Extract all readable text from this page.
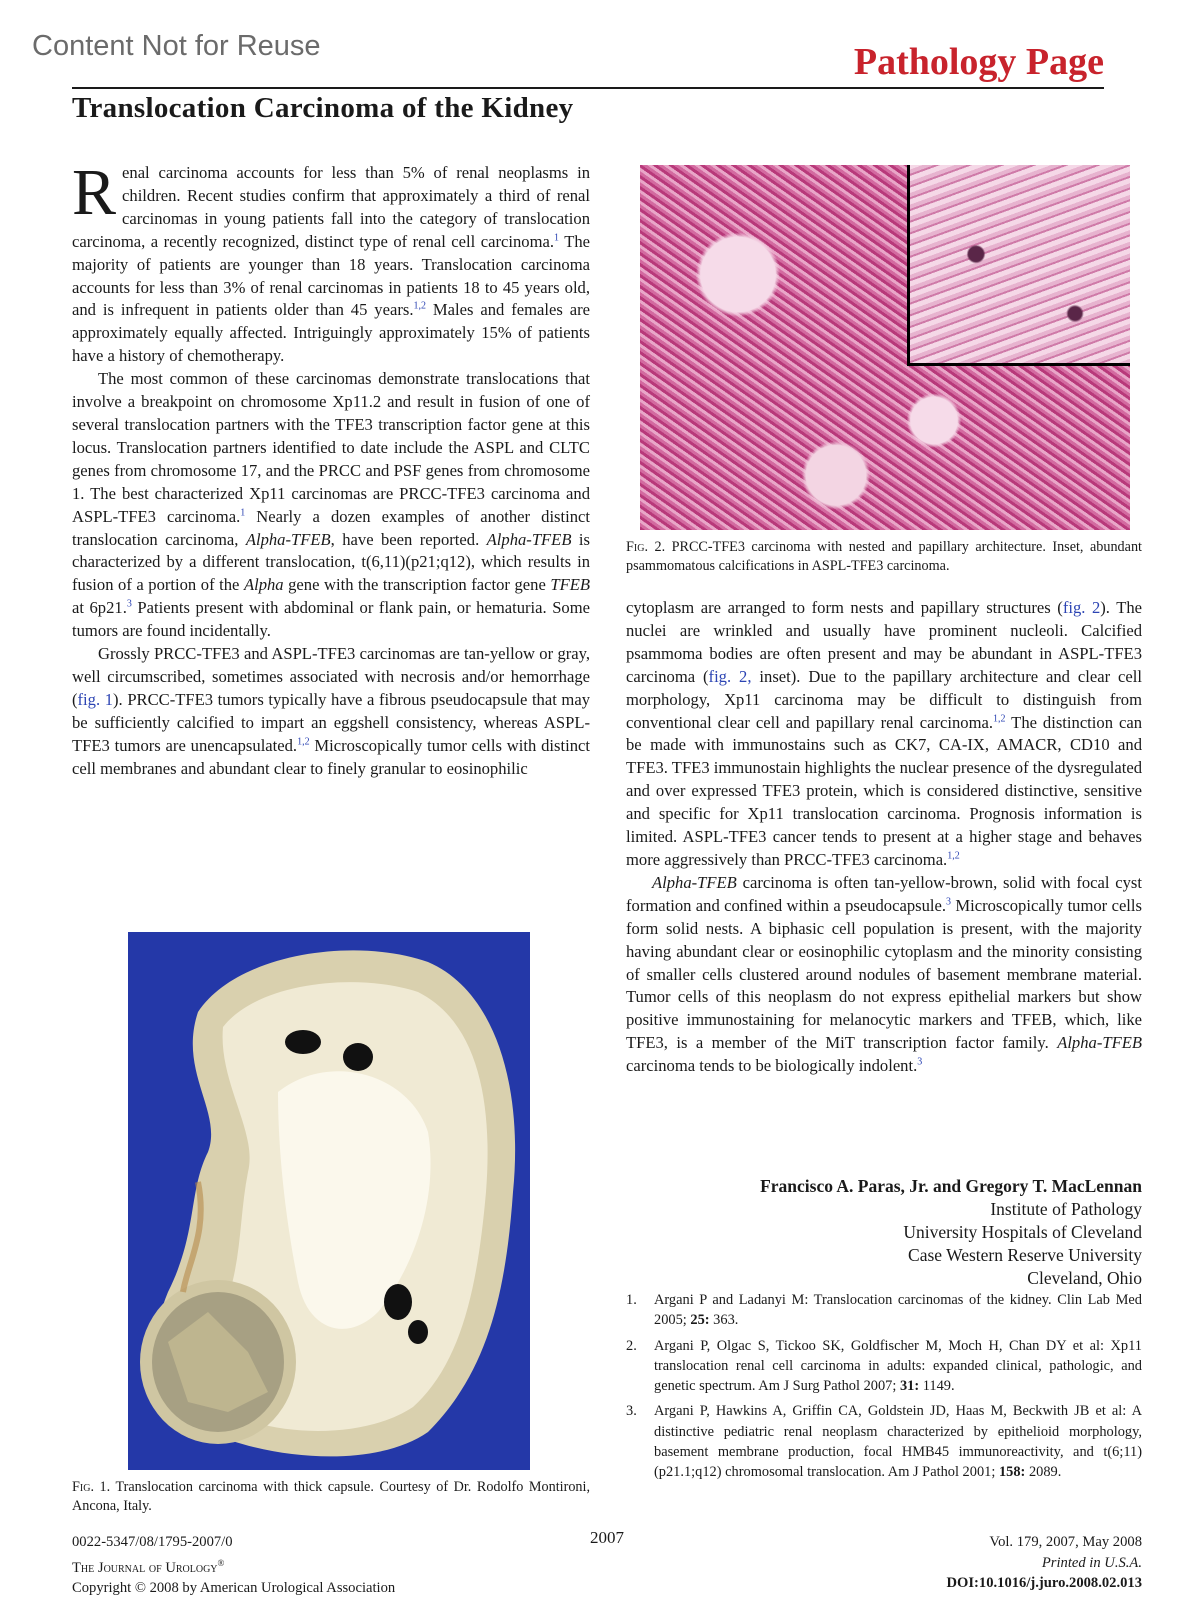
Content Not for Reuse	Pathology Page
Translocation Carcinoma of the Kidney

Renal carcinoma accounts for less than 5% of renal neoplasms in children. Recent studies confirm that approximately a third of renal carcinomas in young patients fall into the category of translocation carcinoma, a recently recognized, distinct type of renal cell carcinoma.$^1$ The majority of patients are younger than 18 years. Translocation carcinoma accounts for less than 3% of renal carcinomas in patients 18 to 45 years old, and is infrequent in patients older than 45 years.$^{1,2}$ Males and females are approximately equally affected. Intriguingly approximately 15% of patients have a history of chemotherapy.

The most common of these carcinomas demonstrate translocations that involve a breakpoint on chromosome Xp11.2 and result in fusion of one of several translocation partners with the TFE3 transcription factor gene at this locus. Translocation partners identified to date include the ASPL and CLTC genes from chromosome 17, and the PRCC and PSF genes from chromosome 1. The best characterized Xp11 carcinomas are PRCC-TFE3 carcinoma and ASPL-TFE3 carcinoma.$^1$ Nearly a dozen examples of another distinct translocation carcinoma, Alpha-TFEB, have been reported. Alpha-TFEB is characterized by a different translocation, t(6,11)(p21;q12), which results in fusion of a portion of the Alpha gene with the transcription factor gene TFEB at 6p21.$^3$ Patients present with abdominal or flank pain, or hematuria. Some tumors are found incidentally.

Grossly PRCC-TFE3 and ASPL-TFE3 carcinomas are tan-yellow or gray, well circumscribed, sometimes associated with necrosis and/or hemorrhage (fig. 1). PRCC-TFE3 tumors typically have a fibrous pseudocapsule that may be sufficiently calcified to impart an eggshell consistency, whereas ASPL-TFE3 tumors are unencapsulated.$^{1,2}$ Microscopically tumor cells with distinct cell membranes and abundant clear to finely granular to eosinophilic

Fig. 2. PRCC-TFE3 carcinoma with nested and papillary architecture. Inset, abundant psammomatous calcifications in ASPL-TFE3 carcinoma.

cytoplasm are arranged to form nests and papillary structures (fig. 2). The nuclei are wrinkled and usually have prominent nucleoli. Calcified psammoma bodies are often present and may be abundant in ASPL-TFE3 carcinoma (fig. 2, inset). Due to the papillary architecture and clear cell morphology, Xp11 carcinoma may be difficult to distinguish from conventional clear cell and papillary renal carcinoma.$^{1,2}$ The distinction can be made with immunostains such as CK7, CA-IX, AMACR, CD10 and TFE3. TFE3 immunostain highlights the nuclear presence of the dysregulated and over expressed TFE3 protein, which is considered distinctive, sensitive and specific for Xp11 translocation carcinoma. Prognosis information is limited. ASPL-TFE3 cancer tends to present at a higher stage and behaves more aggressively than PRCC-TFE3 carcinoma.$^{1,2}$

Alpha-TFEB carcinoma is often tan-yellow-brown, solid with focal cyst formation and confined within a pseudocapsule.$^3$ Microscopically tumor cells form solid nests. A biphasic cell population is present, with the majority having abundant clear or eosinophilic cytoplasm and the minority consisting of smaller cells clustered around nodules of basement membrane material. Tumor cells of this neoplasm do not express epithelial markers but show positive immunostaining for melanocytic markers and TFEB, which, like TFE3, is a member of the MiT transcription factor family. Alpha-TFEB carcinoma tends to be biologically indolent.$^3$

Francisco A. Paras, Jr. and Gregory T. MacLennan
Institute of Pathology
University Hospitals of Cleveland
Case Western Reserve University
Cleveland, Ohio
1.	Argani P and Ladanyi M: Translocation carcinomas of the kidney. Clin Lab Med 2005; 25: 363.
2.	Argani P, Olgac S, Tickoo SK, Goldfischer M, Moch H, Chan DY et al: Xp11 translocation renal cell carcinoma in adults: expanded clinical, pathologic, and genetic spectrum. Am J Surg Pathol 2007; 31: 1149.
3.	Argani P, Hawkins A, Griffin CA, Goldstein JD, Haas M, Beckwith JB et al: A distinctive pediatric renal neoplasm characterized by epithelioid morphology, basement membrane production, focal HMB45 immunoreactivity, and t(6;11)(p21.1;q12) chromosomal translocation. Am J Pathol 2001; 158: 2089.
Fig. 1. Translocation carcinoma with thick capsule. Courtesy of Dr. Rodolfo Montironi, Ancona, Italy.
0022-5347/08/1795-2007/0
The Journal of Urology®
Copyright © 2008 by American Urological Association
2007	Vol. 179, 2007, May 2008
Printed in U.S.A.
DOI:10.1016/j.juro.2008.02.013
